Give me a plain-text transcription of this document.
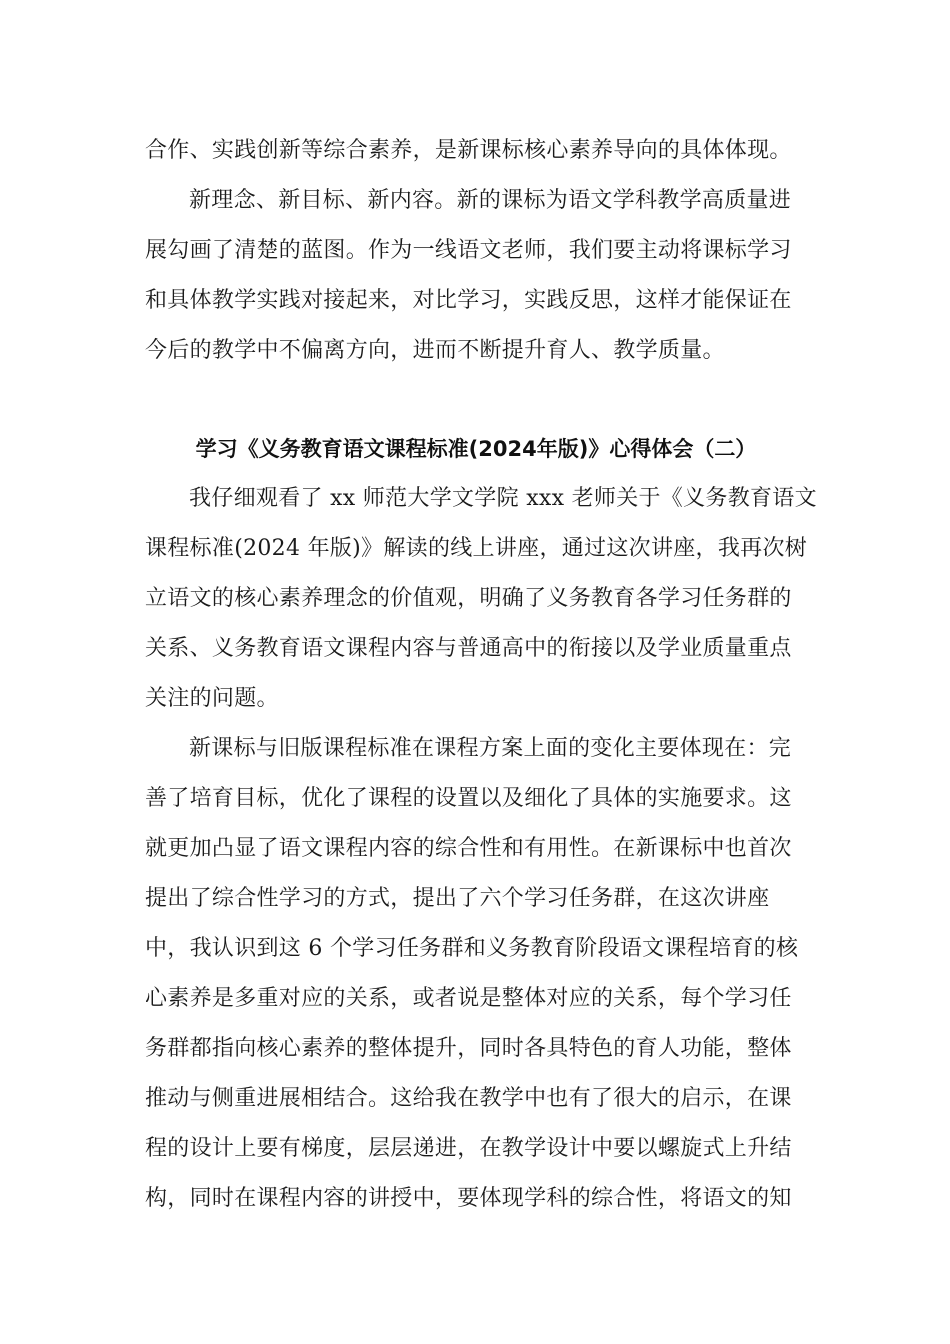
合作、实践创新等综合素养，是新课标核心素养导向的具体体现。
新理念、新目标、新内容。新的课标为语文学科教学高质量进
展勾画了清楚的蓝图。作为一线语文老师，我们要主动将课标学习
和具体教学实践对接起来，对比学习，实践反思，这样才能保证在
今后的教学中不偏离方向，进而不断提升育人、教学质量。
学习《义务教育语文课程标准(2024年版)》心得体会（二）
我仔细观看了 xx 师范大学文学院 xxx 老师关于《义务教育语文
课程标准(2024 年版)》解读的线上讲座，通过这次讲座，我再次树
立语文的核心素养理念的价值观，明确了义务教育各学习任务群的
关系、义务教育语文课程内容与普通高中的衔接以及学业质量重点
关注的问题。
新课标与旧版课程标准在课程方案上面的变化主要体现在：完
善了培育目标，优化了课程的设置以及细化了具体的实施要求。这
就更加凸显了语文课程内容的综合性和有用性。在新课标中也首次
提出了综合性学习的方式，提出了六个学习任务群，在这次讲座
中，我认识到这 6 个学习任务群和义务教育阶段语文课程培育的核
心素养是多重对应的关系，或者说是整体对应的关系，每个学习任
务群都指向核心素养的整体提升，同时各具特色的育人功能，整体
推动与侧重进展相结合。这给我在教学中也有了很大的启示，在课
程的设计上要有梯度，层层递进，在教学设计中要以螺旋式上升结
构，同时在课程内容的讲授中，要体现学科的综合性，将语文的知
